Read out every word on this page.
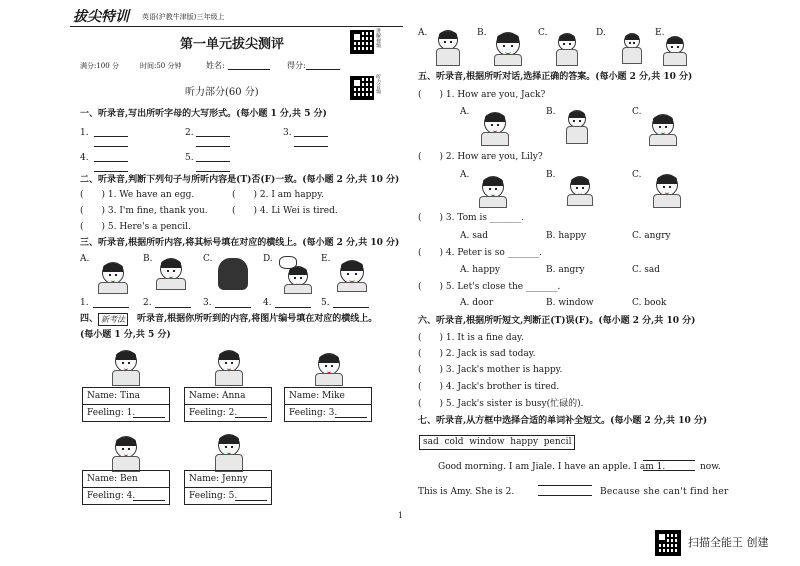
拔尖特训 英语(沪教牛津版)三年级上
讲解视频
听力音频
第一单元拔尖测评
满分:100 分	时间:50 分钟	姓名:	得分:
听力部分(60 分)
一、听录音,写出所听字母的大写形式。(每小题 1 分,共 5 分)
1.	2.	3.
4.	5.
二、听录音,判断下列句子与所听内容是(T)否(F)一致。(每小题 2 分,共 10 分)
(　　) 1. We have an egg.	(　　) 2. I am happy.
(　　) 3. I'm fine, thank you.	(　　) 4. Li Wei is tired.
(　　) 5. Here's a pencil.
三、听录音,根据所听内容,将其标号填在对应的横线上。(每小题 2 分,共 10 分)
A.	B.	C.	D.	E.
1.	2.	3.	4.	5.
四、 新考法	听录音,根据你所听到的内容,将图片编号填在对应的横线上。
(每小题 1 分,共 5 分)
Name: Tina
Feeling: 1.
Name: Anna
Feeling: 2.
Name: Mike
Feeling: 3.
Name: Ben
Feeling: 4.
Name: Jenny
Feeling: 5.
1
A.	B.	C.	D.	E.
五、听录音,根据所听对话,选择正确的答案。(每小题 2 分,共 10 分)
(　　) 1. How are you, Jack?
A.	B.	C.
(　　) 2. How are you, Lily?
A.	B.	C.
(　　) 3. Tom is _______.
A. sad	B. happy	C. angry
(　　) 4. Peter is so _______.
A. happy	B. angry	C. sad
(　　) 5. Let's close the _______.
A. door	B. window	C. book
六、听录音,根据所听短文,判断正(T)误(F)。(每小题 2 分,共 10 分)
(　　) 1. It is a fine day.
(　　) 2. Jack is sad today.
(　　) 3. Jack's mother is happy.
(　　) 4. Jack's brother is tired.
(　　) 5. Jack's sister is busy(忙碌的).
七、听录音,从方框中选择合适的单词补全短文。(每小题 2 分,共 10 分)
sad  cold  window  happy  pencil
Good morning. I am Jiale. I have an apple. I am 1.	now.
This is Amy. She is 2.	Because she can't find her
扫描全能王 创建
